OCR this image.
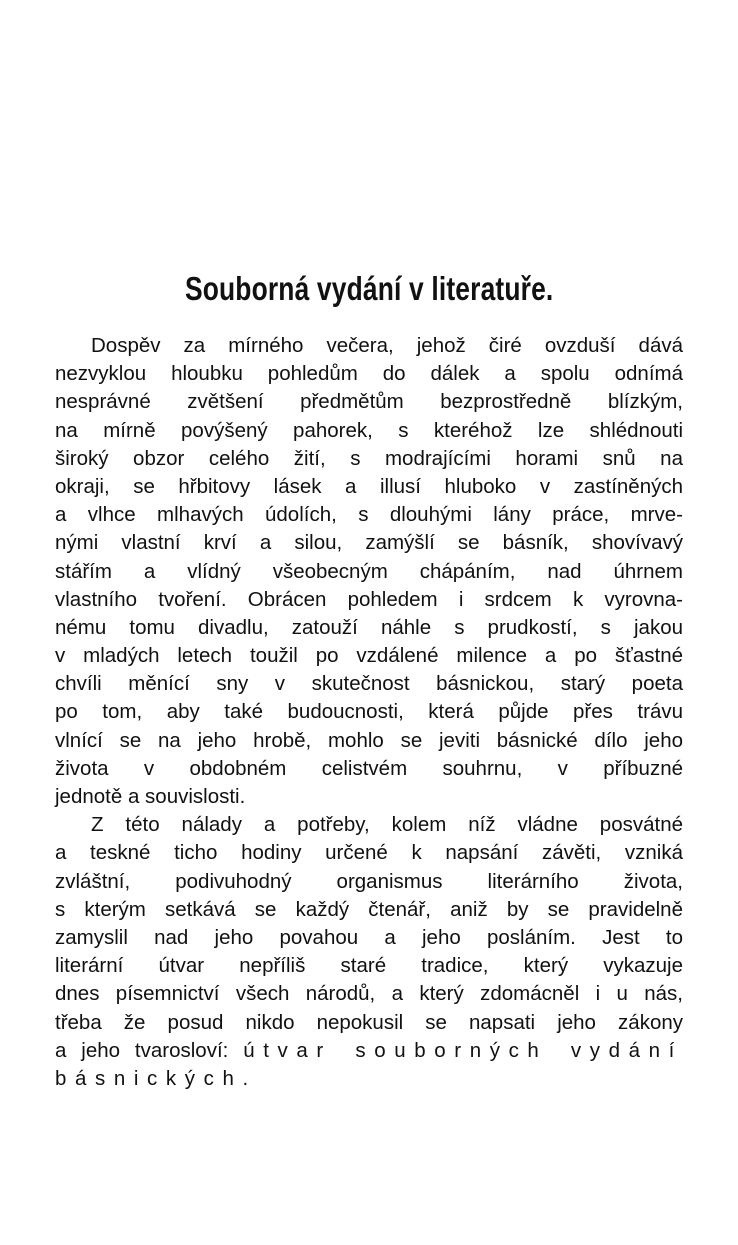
Souborná vydání v literatuře.
Dospěv za mírného večera, jehož čiré ovzduší dává
nezvyklou hloubku pohledům do dálek a spolu odnímá
nesprávné zvětšení předmětům bezprostředně blízkým,
na mírně povýšený pahorek, s kteréhož lze shlédnouti
široký obzor celého žití, s modrajícími horami snů na
okraji, se hřbitovy lásek a illusí hluboko v zastíněných
a vlhce mlhavých údolích, s dlouhými lány práce, mrve-
nými vlastní krví a silou, zamýšlí se básník, shovívavý
stářím a vlídný všeobecným chápáním, nad úhrnem
vlastního tvoření. Obrácen pohledem i srdcem k vyrovna-
nému tomu divadlu, zatouží náhle s prudkostí, s jakou
v mladých letech toužil po vzdálené milence a po šťastné
chvíli měnící sny v skutečnost básnickou, starý poeta
po tom, aby také budoucnosti, která půjde přes trávu
vlnící se na jeho hrobě, mohlo se jeviti básnické dílo jeho
života v obdobném celistvém souhrnu, v příbuzné
jednotě a souvislosti.
Z této nálady a potřeby, kolem níž vládne posvátné
a teskné ticho hodiny určené k napsání závěti, vzniká
zvláštní, podivuhodný organismus literárního života,
s kterým setkává se každý čtenář, aniž by se pravidelně
zamyslil nad jeho povahou a jeho posláním. Jest to
literární útvar nepříliš staré tradice, který vykazuje
dnes písemnictví všech národů, a který zdomácněl i u nás,
třeba že posud nikdo nepokusil se napsati jeho zákony
a jeho tvarosloví: útvar souborných vydání
básnických.
